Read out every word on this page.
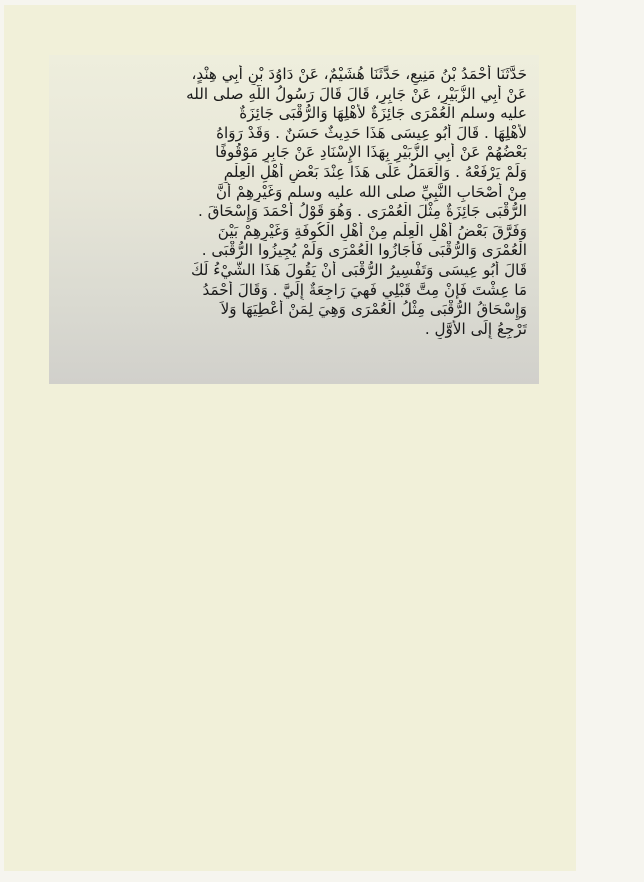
حَدَّثَنَا أَحْمَدُ بْنُ مَنِيعٍ، حَدَّثَنَا هُشَيْمٌ، عَنْ دَاوُدَ بْنِ أَبِي هِنْدٍ،
عَنْ أَبِي الزُّبَيْرِ، عَنْ جَابِرٍ، قَالَ قَالَ رَسُولُ اللَّهِ صلى الله
عليه وسلم الْعُمْرَى جَائِزَةٌ لأَهْلِهَا وَالرُّقْبَى جَائِزَةٌ
لأَهْلِهَا . قَالَ أَبُو عِيسَى هَذَا حَدِيثٌ حَسَنٌ . وَقَدْ رَوَاهُ
بَعْضُهُمْ عَنْ أَبِي الزُّبَيْرِ بِهَذَا الإِسْنَادِ عَنْ جَابِرٍ مَوْقُوفًا
وَلَمْ يَرْفَعْهُ . وَالْعَمَلُ عَلَى هَذَا عِنْدَ بَعْضِ أَهْلِ الْعِلْمِ
مِنْ أَصْحَابِ النَّبِيِّ صلى الله عليه وسلم وَغَيْرِهِمْ أَنَّ
الرُّقْبَى جَائِزَةٌ مِثْلَ الْعُمْرَى . وَهُوَ قَوْلُ أَحْمَدَ وَإِسْحَاقَ .
وَفَرَّقَ بَعْضُ أَهْلِ الْعِلْمِ مِنْ أَهْلِ الْكُوفَةِ وَغَيْرِهِمْ بَيْنَ
الْعُمْرَى وَالرُّقْبَى فَأَجَازُوا الْعُمْرَى وَلَمْ يُجِيزُوا الرُّقْبَى .
قَالَ أَبُو عِيسَى وَتَفْسِيرُ الرُّقْبَى أَنْ يَقُولَ هَذَا الشَّيْءُ لَكَ
مَا عِشْتَ فَإِنْ مِتَّ قَبْلِي فَهِيَ رَاجِعَةٌ إِلَيَّ . وَقَالَ أَحْمَدُ
وَإِسْحَاقُ الرُّقْبَى مِثْلُ الْعُمْرَى وَهِيَ لِمَنْ أُعْطِيَهَا وَلاَ
تَرْجِعُ إِلَى الأَوَّلِ .
